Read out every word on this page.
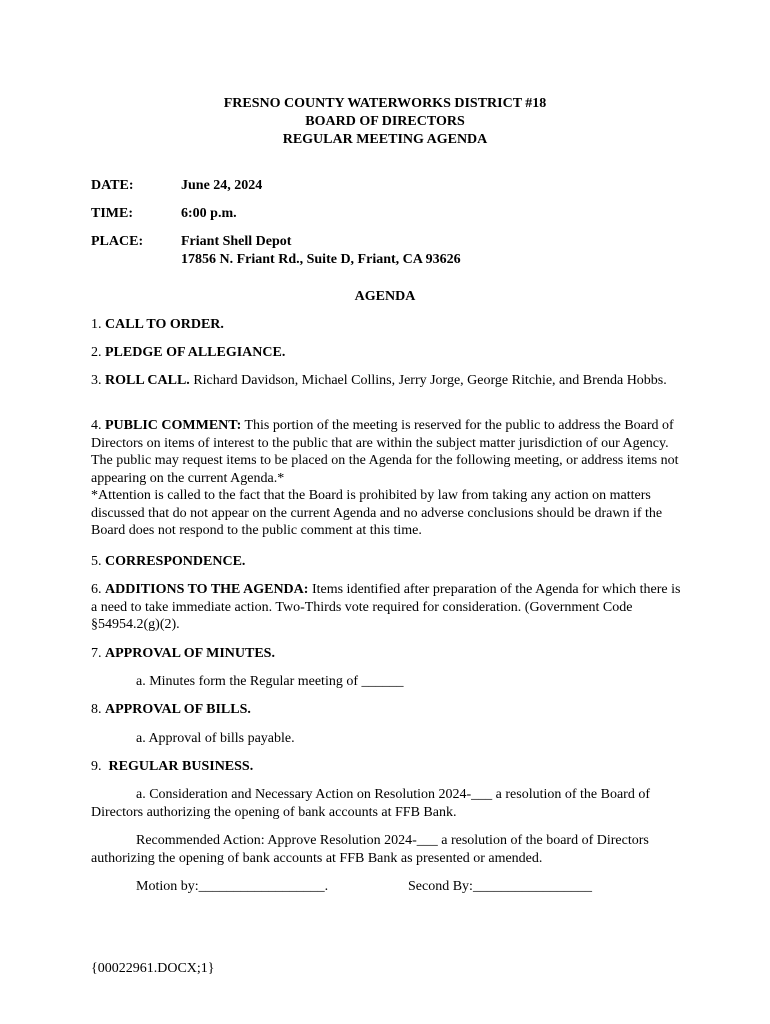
FRESNO COUNTY WATERWORKS DISTRICT #18
BOARD OF DIRECTORS
REGULAR MEETING AGENDA
DATE:	June 24, 2024
TIME:	6:00 p.m.
PLACE:	Friant Shell Depot
17856 N. Friant Rd., Suite D, Friant, CA 93626
AGENDA
1. CALL TO ORDER.
2. PLEDGE OF ALLEGIANCE.
3. ROLL CALL. Richard Davidson, Michael Collins, Jerry Jorge, George Ritchie, and Brenda Hobbs.
4. PUBLIC COMMENT: This portion of the meeting is reserved for the public to address the Board of Directors on items of interest to the public that are within the subject matter jurisdiction of our Agency. The public may request items to be placed on the Agenda for the following meeting, or address items not appearing on the current Agenda.*
*Attention is called to the fact that the Board is prohibited by law from taking any action on matters discussed that do not appear on the current Agenda and no adverse conclusions should be drawn if the Board does not respond to the public comment at this time.
5. CORRESPONDENCE.
6. ADDITIONS TO THE AGENDA: Items identified after preparation of the Agenda for which there is a need to take immediate action. Two-Thirds vote required for consideration. (Government Code §54954.2(g)(2).
7. APPROVAL OF MINUTES.
a. Minutes form the Regular meeting of ______
8. APPROVAL OF BILLS.
a. Approval of bills payable.
9.  REGULAR BUSINESS.
a. Consideration and Necessary Action on Resolution 2024-___ a resolution of the Board of Directors authorizing the opening of bank accounts at FFB Bank.
Recommended Action: Approve Resolution 2024-___ a resolution of the board of Directors authorizing the opening of bank accounts at FFB Bank as presented or amended.
Motion by:__________________.	Second By:_________________
{00022961.DOCX;1}
